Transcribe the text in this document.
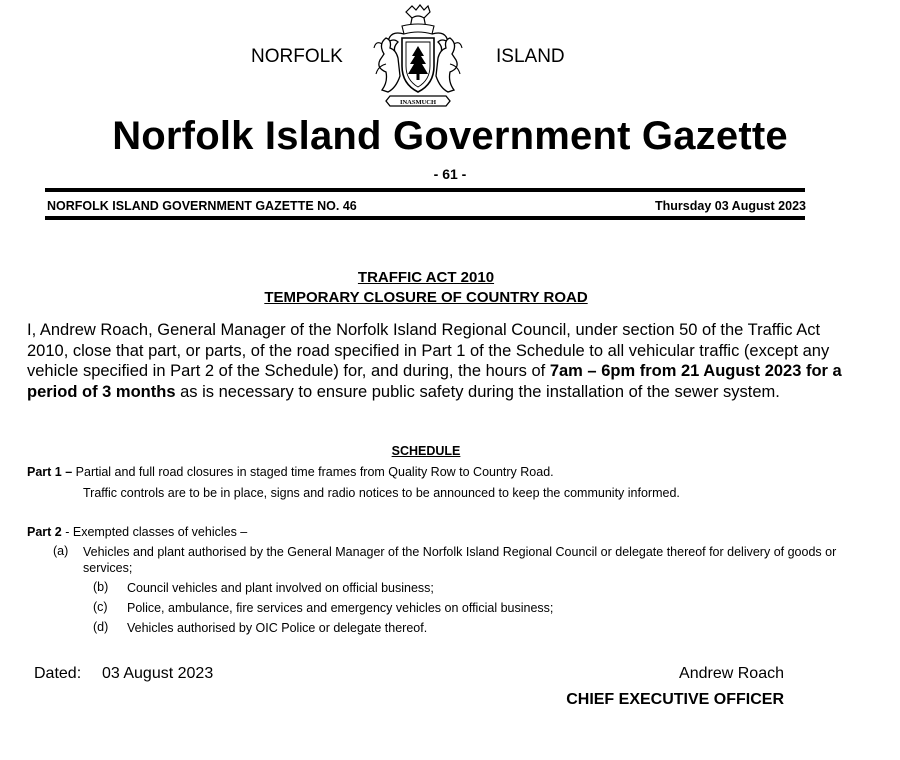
NORFOLK	ISLAND
INASMUCH
Norfolk Island Government Gazette
- 61 -
NORFOLK ISLAND GOVERNMENT GAZETTE NO. 46	Thursday 03 August 2023
TRAFFIC ACT 2010
TEMPORARY CLOSURE OF COUNTRY ROAD
I, Andrew Roach, General Manager of the Norfolk Island Regional Council, under section 50 of the Traffic Act 2010, close that part, or parts, of the road specified in Part 1 of the Schedule to all vehicular traffic (except any vehicle specified in Part 2 of the Schedule) for, and during, the hours of 7am – 6pm from 21 August 2023 for a period of 3 months as is necessary to ensure public safety during the installation of the sewer system.
SCHEDULE
Part 1 – Partial and full road closures in staged time frames from Quality Row to Country Road.
Traffic controls are to be in place, signs and radio notices to be announced to keep the community informed.
Part 2 - Exempted classes of vehicles –
(a) Vehicles and plant authorised by the General Manager of the Norfolk Island Regional Council or delegate thereof for delivery of goods or services;
(b) Council vehicles and plant involved on official business;
(c) Police, ambulance, fire services and emergency vehicles on official business;
(d) Vehicles authorised by OIC Police or delegate thereof.
Dated: 03 August 2023	Andrew Roach
CHIEF EXECUTIVE OFFICER
